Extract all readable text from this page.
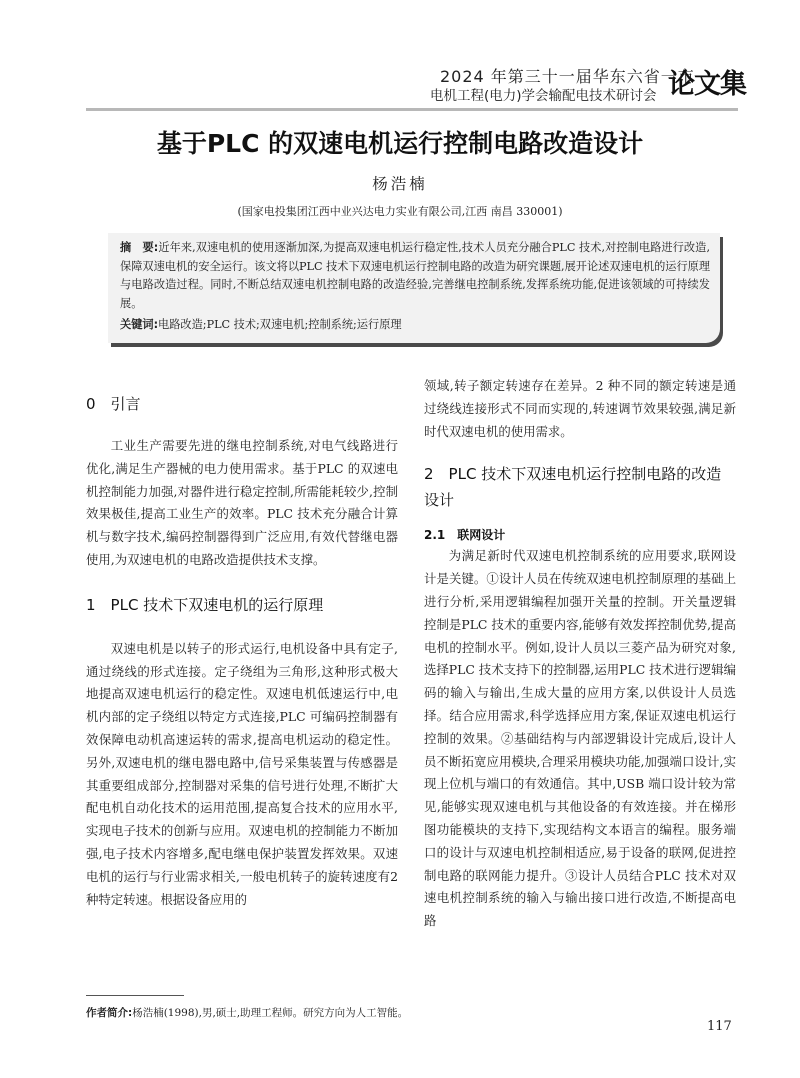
2024 年第三十一届华东六省一市
电机工程(电力)学会输配电技术研讨会 论文集
基于PLC 的双速电机运行控制电路改造设计
杨浩楠
(国家电投集团江西中业兴达电力实业有限公司,江西 南昌 330001)
摘　要:近年来,双速电机的使用逐渐加深,为提高双速电机运行稳定性,技术人员充分融合PLC 技术,对控制电路进行改造,保障双速电机的安全运行。该文将以PLC 技术下双速电机运行控制电路的改造为研究课题,展开论述双速电机的运行原理与电路改造过程。同时,不断总结双速电机控制电路的改造经验,完善继电控制系统,发挥系统功能,促进该领域的可持续发展。
关键词:电路改造;PLC 技术;双速电机;控制系统;运行原理
0　引言

工业生产需要先进的继电控制系统,对电气线路进行优化,满足生产器械的电力使用需求。基于PLC 的双速电机控制能力加强,对器件进行稳定控制,所需能耗较少,控制效果极佳,提高工业生产的效率。PLC 技术充分融合计算机与数字技术,编码控制器得到广泛应用,有效代替继电器使用,为双速电机的电路改造提供技术支撑。

1　PLC 技术下双速电机的运行原理

双速电机是以转子的形式运行,电机设备中具有定子,通过绕线的形式连接。定子绕组为三角形,这种形式极大地提高双速电机运行的稳定性。双速电机低速运行中,电机内部的定子绕组以特定方式连接,PLC 可编码控制器有效保障电动机高速运转的需求,提高电机运动的稳定性。另外,双速电机的继电器电路中,信号采集装置与传感器是其重要组成部分,控制器对采集的信号进行处理,不断扩大配电机自动化技术的运用范围,提高复合技术的应用水平,实现电子技术的创新与应用。双速电机的控制能力不断加强,电子技术内容增多,配电继电保护装置发挥效果。双速电机的运行与行业需求相关,一般电机转子的旋转速度有2 种特定转速。根据设备应用的

领域,转子额定转速存在差异。2 种不同的额定转速是通过绕线连接形式不同而实现的,转速调节效果较强,满足新时代双速电机的使用需求。

2　PLC 技术下双速电机运行控制电路的改造设计
2.1　联网设计

为满足新时代双速电机控制系统的应用要求,联网设计是关键。①设计人员在传统双速电机控制原理的基础上进行分析,采用逻辑编程加强开关量的控制。开关量逻辑控制是PLC 技术的重要内容,能够有效发挥控制优势,提高电机的控制水平。例如,设计人员以三菱产品为研究对象,选择PLC 技术支持下的控制器,运用PLC 技术进行逻辑编码的输入与输出,生成大量的应用方案,以供设计人员选择。结合应用需求,科学选择应用方案,保证双速电机运行控制的效果。②基础结构与内部逻辑设计完成后,设计人员不断拓宽应用模块,合理采用模块功能,加强端口设计,实现上位机与端口的有效通信。其中,USB 端口设计较为常见,能够实现双速电机与其他设备的有效连接。并在梯形图功能模块的支持下,实现结构文本语言的编程。服务端口的设计与双速电机控制相适应,易于设备的联网,促进控制电路的联网能力提升。③设计人员结合PLC 技术对双速电机控制系统的输入与输出接口进行改造,不断提高电路

作者简介:杨浩楠(1998),男,硕士,助理工程师。研究方向为人工智能。
117
